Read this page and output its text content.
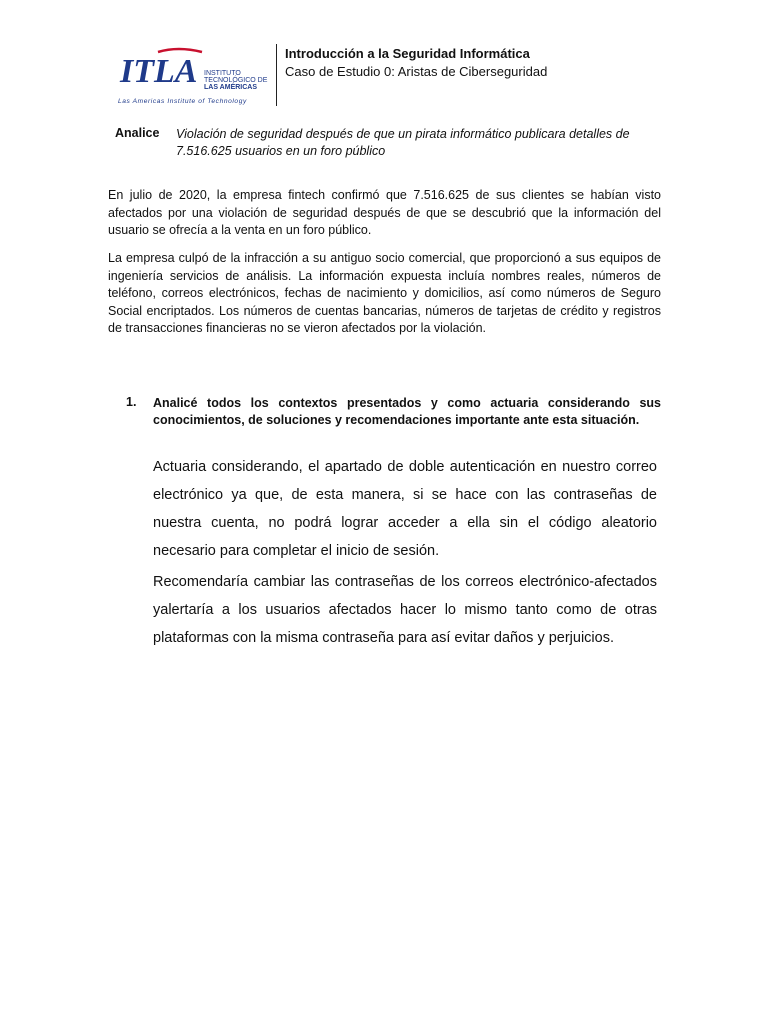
ITLA INSTITUTO
TECNOLÓGICO DE
LAS AMÉRICAS
Las Americas Institute of Technology
Introducción a la Seguridad Informática
Caso de Estudio 0: Aristas de Ciberseguridad
Analice Violación de seguridad después de que un pirata informático publicara detalles de 7.516.625 usuarios en un foro público
En julio de 2020, la empresa fintech confirmó que 7.516.625 de sus clientes se habían visto afectados por una violación de seguridad después de que se descubrió que la información del usuario se ofrecía a la venta en un foro público.
La empresa culpó de la infracción a su antiguo socio comercial, que proporcionó a sus equipos de ingeniería servicios de análisis. La información expuesta incluía nombres reales, números de teléfono, correos electrónicos, fechas de nacimiento y domicilios, así como números de Seguro Social encriptados. Los números de cuentas bancarias, números de tarjetas de crédito y registros de transacciones financieras no se vieron afectados por la violación.
1. Analicé todos los contextos presentados y como actuaria considerando sus conocimientos, de soluciones y recomendaciones importante ante esta situación.
Actuaria considerando, el apartado de doble autenticación en nuestro correo electrónico ya que, de esta manera, si se hace con las contraseñas de nuestra cuenta, no podrá lograr acceder a ella sin el código aleatorio necesario para completar el inicio de sesión.
Recomendaría cambiar las contraseñas de los correos electrónico-afectados yalertaría a los usuarios afectados hacer lo mismo tanto como de otras plataformas con la misma contraseña para así evitar daños y perjuicios.
